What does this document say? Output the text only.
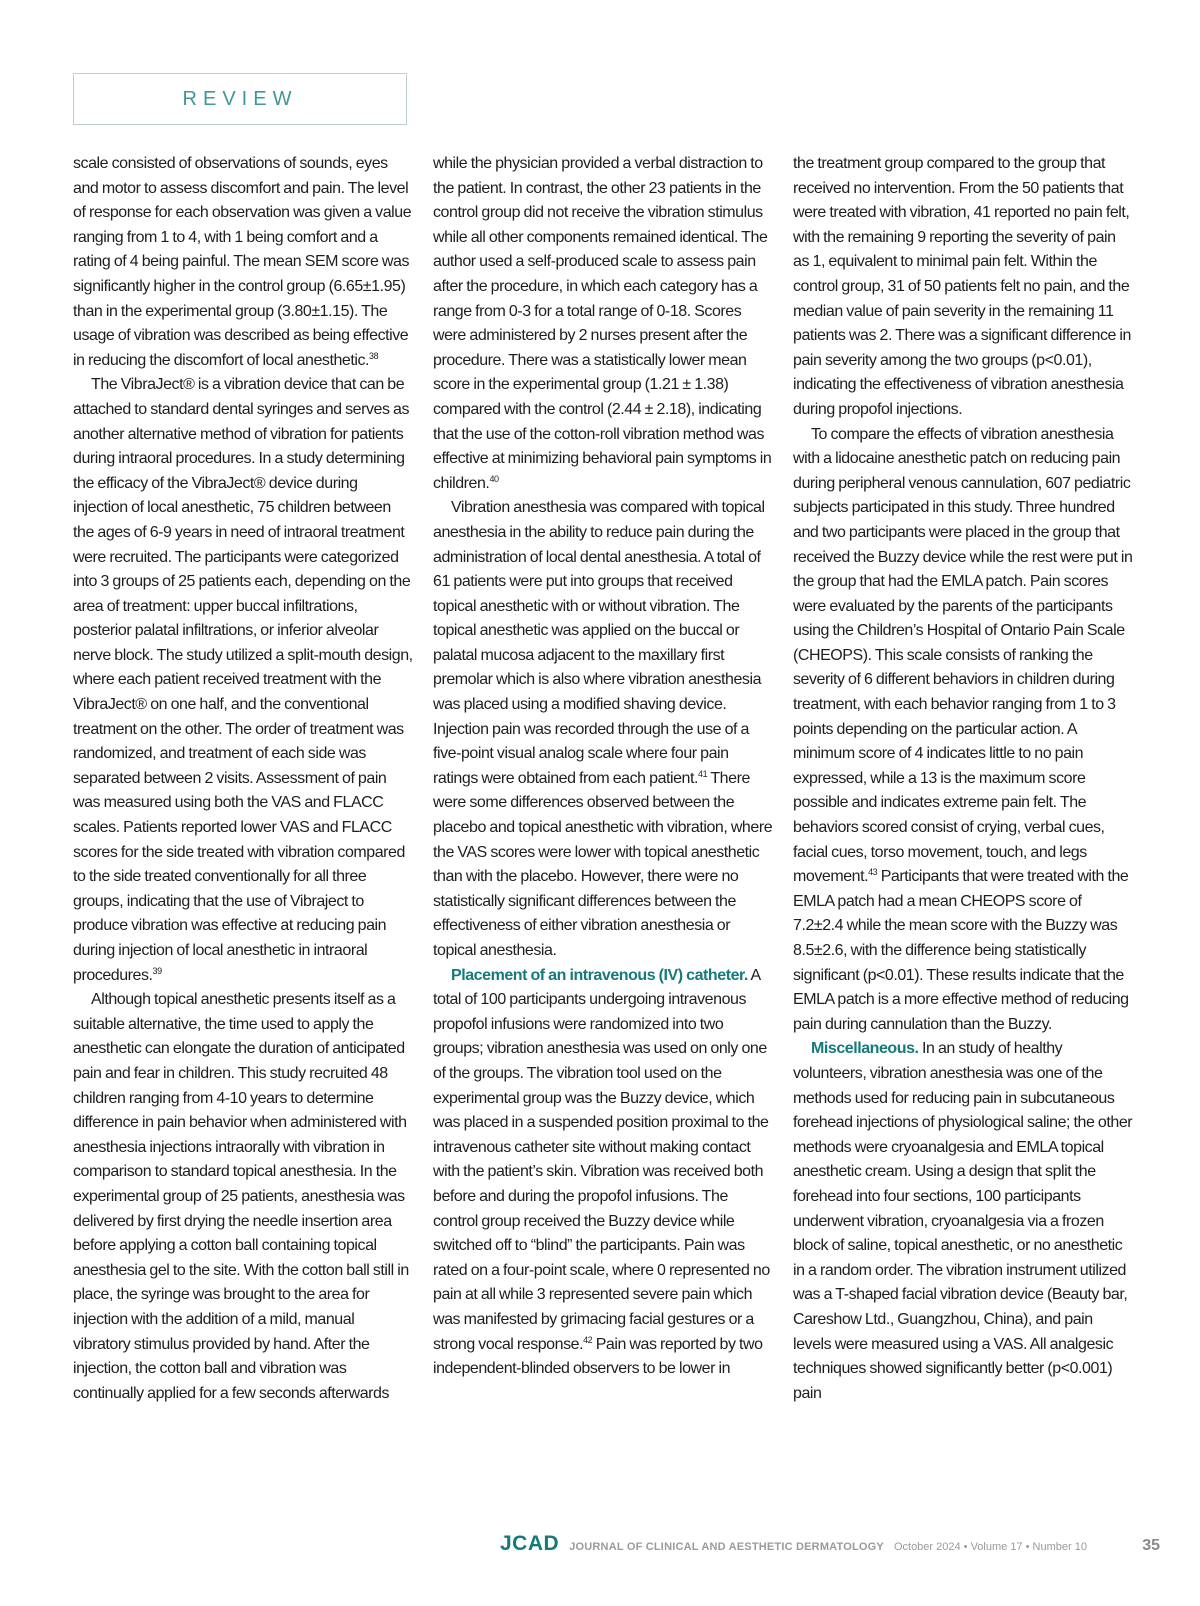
REVIEW

scale consisted of observations of sounds, eyes and motor to assess discomfort and pain. The level of response for each observation was given a value ranging from 1 to 4, with 1 being comfort and a rating of 4 being painful. The mean SEM score was significantly higher in the control group (6.65±1.95) than in the experimental group (3.80±1.15). The usage of vibration was described as being effective in reducing the discomfort of local anesthetic.$^{38}$

The VibraJect® is a vibration device that can be attached to standard dental syringes and serves as another alternative method of vibration for patients during intraoral procedures. In a study determining the efficacy of the VibraJect® device during injection of local anesthetic, 75 children between the ages of 6-9 years in need of intraoral treatment were recruited. The participants were categorized into 3 groups of 25 patients each, depending on the area of treatment: upper buccal infiltrations, posterior palatal infiltrations, or inferior alveolar nerve block. The study utilized a split-mouth design, where each patient received treatment with the VibraJect® on one half, and the conventional treatment on the other. The order of treatment was randomized, and treatment of each side was separated between 2 visits. Assessment of pain was measured using both the VAS and FLACC scales. Patients reported lower VAS and FLACC scores for the side treated with vibration compared to the side treated conventionally for all three groups, indicating that the use of Vibraject to produce vibration was effective at reducing pain during injection of local anesthetic in intraoral procedures.$^{39}$

Although topical anesthetic presents itself as a suitable alternative, the time used to apply the anesthetic can elongate the duration of anticipated pain and fear in children. This study recruited 48 children ranging from 4-10 years to determine difference in pain behavior when administered with anesthesia injections intraorally with vibration in comparison to standard topical anesthesia. In the experimental group of 25 patients, anesthesia was delivered by first drying the needle insertion area before applying a cotton ball containing topical anesthesia gel to the site. With the cotton ball still in place, the syringe was brought to the area for injection with the addition of a mild, manual vibratory stimulus provided by hand. After the injection, the cotton ball and vibration was continually applied for a few seconds afterwards

while the physician provided a verbal distraction to the patient. In contrast, the other 23 patients in the control group did not receive the vibration stimulus while all other components remained identical. The author used a self-produced scale to assess pain after the procedure, in which each category has a range from 0-3 for a total range of 0-18. Scores were administered by 2 nurses present after the procedure. There was a statistically lower mean score in the experimental group (1.21 ± 1.38) compared with the control (2.44 ± 2.18), indicating that the use of the cotton-roll vibration method was effective at minimizing behavioral pain symptoms in children.$^{40}$

Vibration anesthesia was compared with topical anesthesia in the ability to reduce pain during the administration of local dental anesthesia. A total of 61 patients were put into groups that received topical anesthetic with or without vibration. The topical anesthetic was applied on the buccal or palatal mucosa adjacent to the maxillary first premolar which is also where vibration anesthesia was placed using a modified shaving device. Injection pain was recorded through the use of a five-point visual analog scale where four pain ratings were obtained from each patient.$^{41}$ There were some differences observed between the placebo and topical anesthetic with vibration, where the VAS scores were lower with topical anesthetic than with the placebo. However, there were no statistically significant differences between the effectiveness of either vibration anesthesia or topical anesthesia.

Placement of an intravenous (IV) catheter. A total of 100 participants undergoing intravenous propofol infusions were randomized into two groups; vibration anesthesia was used on only one of the groups. The vibration tool used on the experimental group was the Buzzy device, which was placed in a suspended position proximal to the intravenous catheter site without making contact with the patient’s skin. Vibration was received both before and during the propofol infusions. The control group received the Buzzy device while switched off to “blind” the participants. Pain was rated on a four-point scale, where 0 represented no pain at all while 3 represented severe pain which was manifested by grimacing facial gestures or a strong vocal response.$^{42}$ Pain was reported by two independent-blinded observers to be lower in

the treatment group compared to the group that received no intervention. From the 50 patients that were treated with vibration, 41 reported no pain felt, with the remaining 9 reporting the severity of pain as 1, equivalent to minimal pain felt. Within the control group, 31 of 50 patients felt no pain, and the median value of pain severity in the remaining 11 patients was 2. There was a significant difference in pain severity among the two groups (p<0.01), indicating the effectiveness of vibration anesthesia during propofol injections.

To compare the effects of vibration anesthesia with a lidocaine anesthetic patch on reducing pain during peripheral venous cannulation, 607 pediatric subjects participated in this study. Three hundred and two participants were placed in the group that received the Buzzy device while the rest were put in the group that had the EMLA patch. Pain scores were evaluated by the parents of the participants using the Children’s Hospital of Ontario Pain Scale (CHEOPS). This scale consists of ranking the severity of 6 different behaviors in children during treatment, with each behavior ranging from 1 to 3 points depending on the particular action. A minimum score of 4 indicates little to no pain expressed, while a 13 is the maximum score possible and indicates extreme pain felt. The behaviors scored consist of crying, verbal cues, facial cues, torso movement, touch, and legs movement.$^{43}$ Participants that were treated with the EMLA patch had a mean CHEOPS score of 7.2±2.4 while the mean score with the Buzzy was 8.5±2.6, with the difference being statistically significant (p<0.01). These results indicate that the EMLA patch is a more effective method of reducing pain during cannulation than the Buzzy.

Miscellaneous. In an study of healthy volunteers, vibration anesthesia was one of the methods used for reducing pain in subcutaneous forehead injections of physiological saline; the other methods were cryoanalgesia and EMLA topical anesthetic cream. Using a design that split the forehead into four sections, 100 participants underwent vibration, cryoanalgesia via a frozen block of saline, topical anesthetic, or no anesthetic in a random order. The vibration instrument utilized was a T-shaped facial vibration device (Beauty bar, Careshow Ltd., Guangzhou, China), and pain levels were measured using a VAS. All analgesic techniques showed significantly better (p<0.001) pain

JCAD JOURNAL OF CLINICAL AND AESTHETIC DERMATOLOGY October 2024 • Volume 17 • Number 10	35
